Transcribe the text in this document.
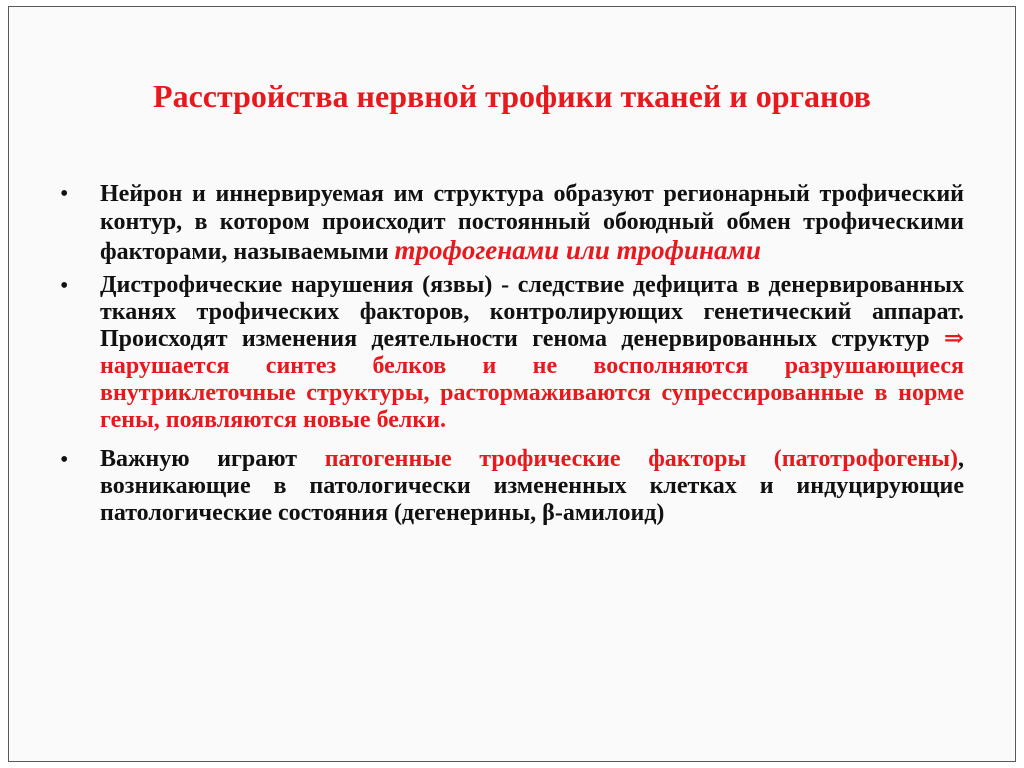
Расстройства нервной трофики тканей и органов
• Нейрон и иннервируемая им структура образуют регионарный трофический контур, в котором происходит постоянный обоюдный обмен трофическими факторами, называемыми трофогенами или трофинами
• Дистрофические нарушения (язвы) - следствие дефицита в денервированных тканях трофических факторов, контролирующих генетический аппарат. Происходят изменения деятельности генома денервированных структур ⇒ нарушается синтез белков и не восполняются разрушающиеся внутриклеточные структуры, растормаживаются супрессированные в норме гены, появляются новые белки.
• Важную играют патогенные трофические факторы (патотрофогены), возникающие в патологически измененных клетках и индуцирующие патологические состояния (дегенерины, β-амилоид)
